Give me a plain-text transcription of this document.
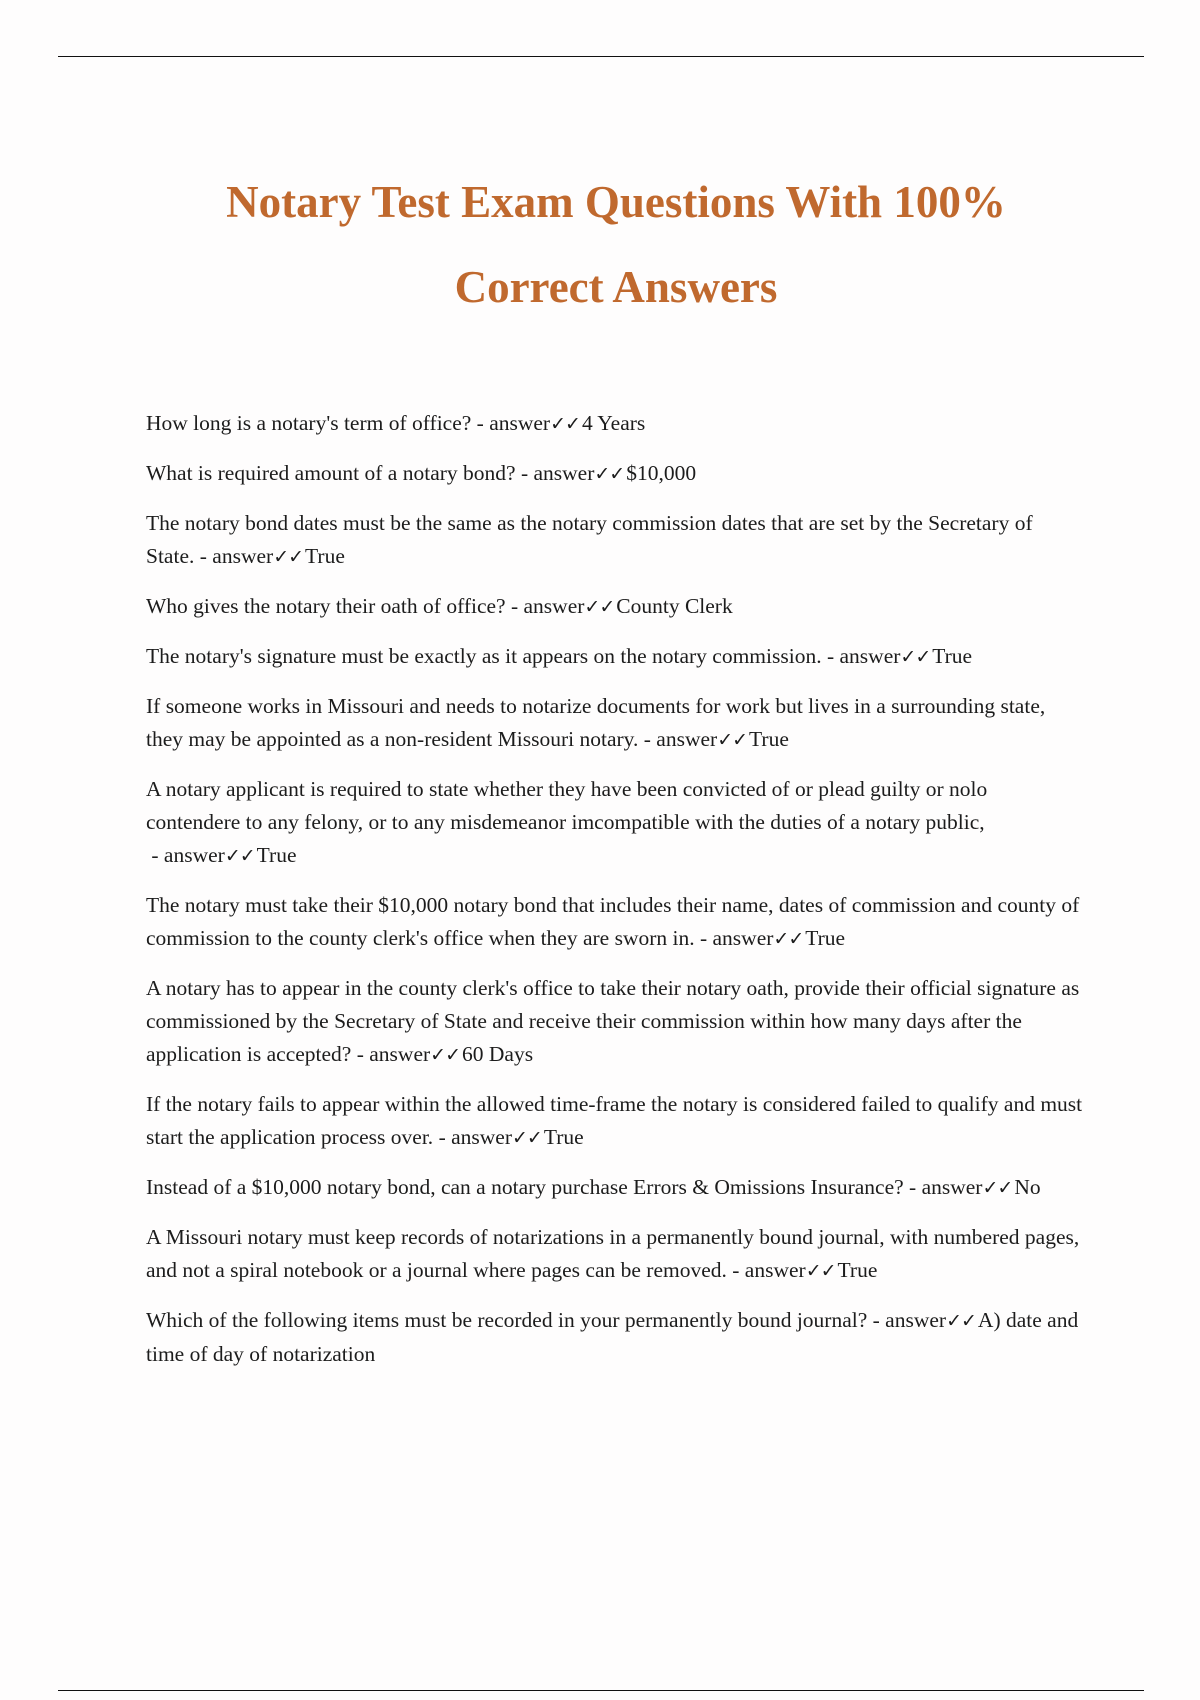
Notary Test Exam Questions With 100%
Correct Answers
How long is a notary's term of office? - answer✓✓4 Years
What is required amount of a notary bond? - answer✓✓$10,000
The notary bond dates must be the same as the notary commission dates that are set by the Secretary of State. - answer✓✓True
Who gives the notary their oath of office? - answer✓✓County Clerk
The notary's signature must be exactly as it appears on the notary commission. - answer✓✓True
If someone works in Missouri and needs to notarize documents for work but lives in a surrounding state, they may be appointed as a non-resident Missouri notary. - answer✓✓True
A notary applicant is required to state whether they have been convicted of or plead guilty or nolo contendere to any felony, or to any misdemeanor imcompatible with the duties of a notary public, - answer✓✓True
The notary must take their $10,000 notary bond that includes their name, dates of commission and county of commission to the county clerk's office when they are sworn in. - answer✓✓True
A notary has to appear in the county clerk's office to take their notary oath, provide their official signature as commissioned by the Secretary of State and receive their commission within how many days after the application is accepted? - answer✓✓60 Days
If the notary fails to appear within the allowed time-frame the notary is considered failed to qualify and must start the application process over. - answer✓✓True
Instead of a $10,000 notary bond, can a notary purchase Errors & Omissions Insurance? - answer✓✓No
A Missouri notary must keep records of notarizations in a permanently bound journal, with numbered pages, and not a spiral notebook or a journal where pages can be removed. - answer✓✓True
Which of the following items must be recorded in your permanently bound journal? - answer✓✓A) date and time of day of notarization
